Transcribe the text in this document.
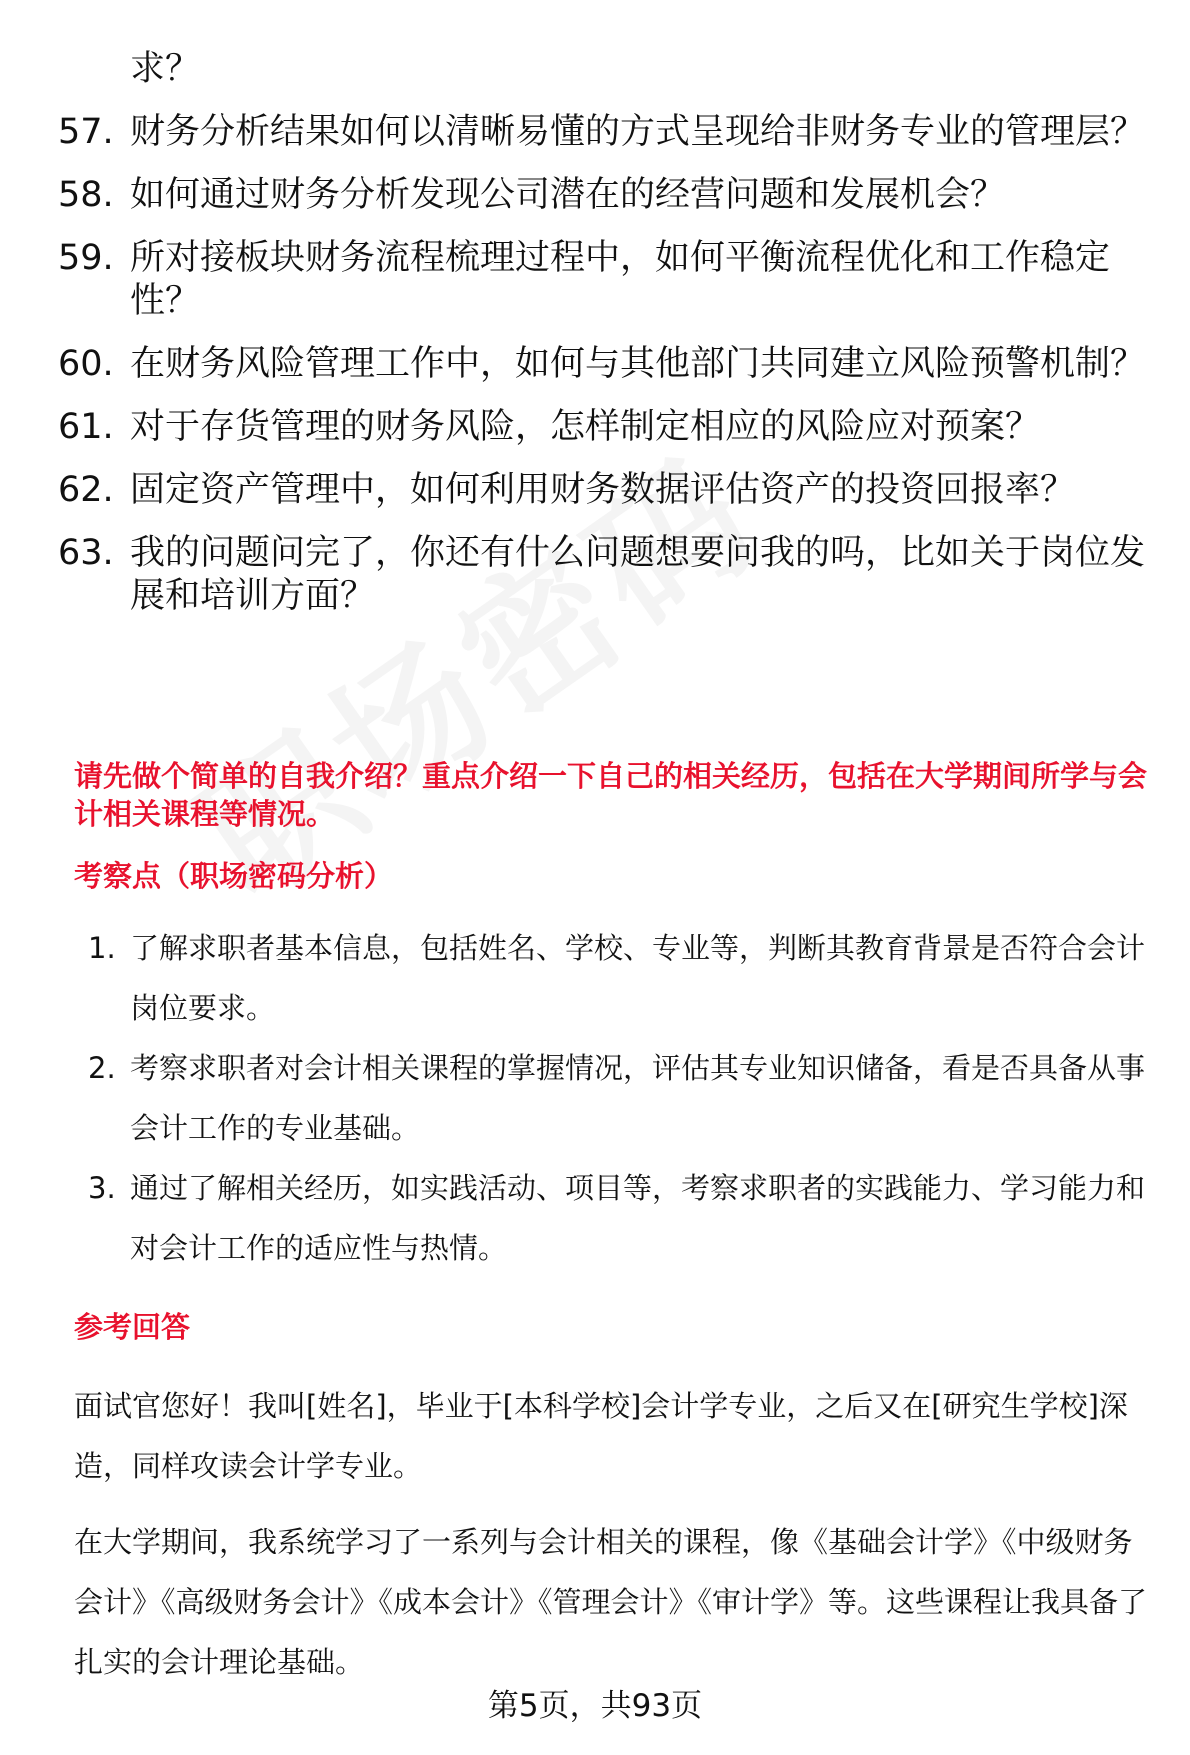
求？
57. 财务分析结果如何以清晰易懂的方式呈现给非财务专业的管理层？
58. 如何通过财务分析发现公司潜在的经营问题和发展机会？
59. 所对接板块财务流程梳理过程中，如何平衡流程优化和工作稳定性？
60. 在财务风险管理工作中，如何与其他部门共同建立风险预警机制？
61. 对于存货管理的财务风险，怎样制定相应的风险应对预案？
62. 固定资产管理中，如何利用财务数据评估资产的投资回报率？
63. 我的问题问完了，你还有什么问题想要问我的吗，比如关于岗位发展和培训方面？
请先做个简单的自我介绍？重点介绍一下自己的相关经历，包括在大学期间所学与会计相关课程等情况。
考察点（职场密码分析）
1. 了解求职者基本信息，包括姓名、学校、专业等，判断其教育背景是否符合会计岗位要求。
2. 考察求职者对会计相关课程的掌握情况，评估其专业知识储备，看是否具备从事会计工作的专业基础。
3. 通过了解相关经历，如实践活动、项目等，考察求职者的实践能力、学习能力和对会计工作的适应性与热情。
参考回答
面试官您好！我叫[姓名]，毕业于[本科学校]会计学专业，之后又在[研究生学校]深造，同样攻读会计学专业。
在大学期间，我系统学习了一系列与会计相关的课程，像《基础会计学》《中级财务会计》《高级财务会计》《成本会计》《管理会计》《审计学》等。这些课程让我具备了扎实的会计理论基础。
第5页，共93页
